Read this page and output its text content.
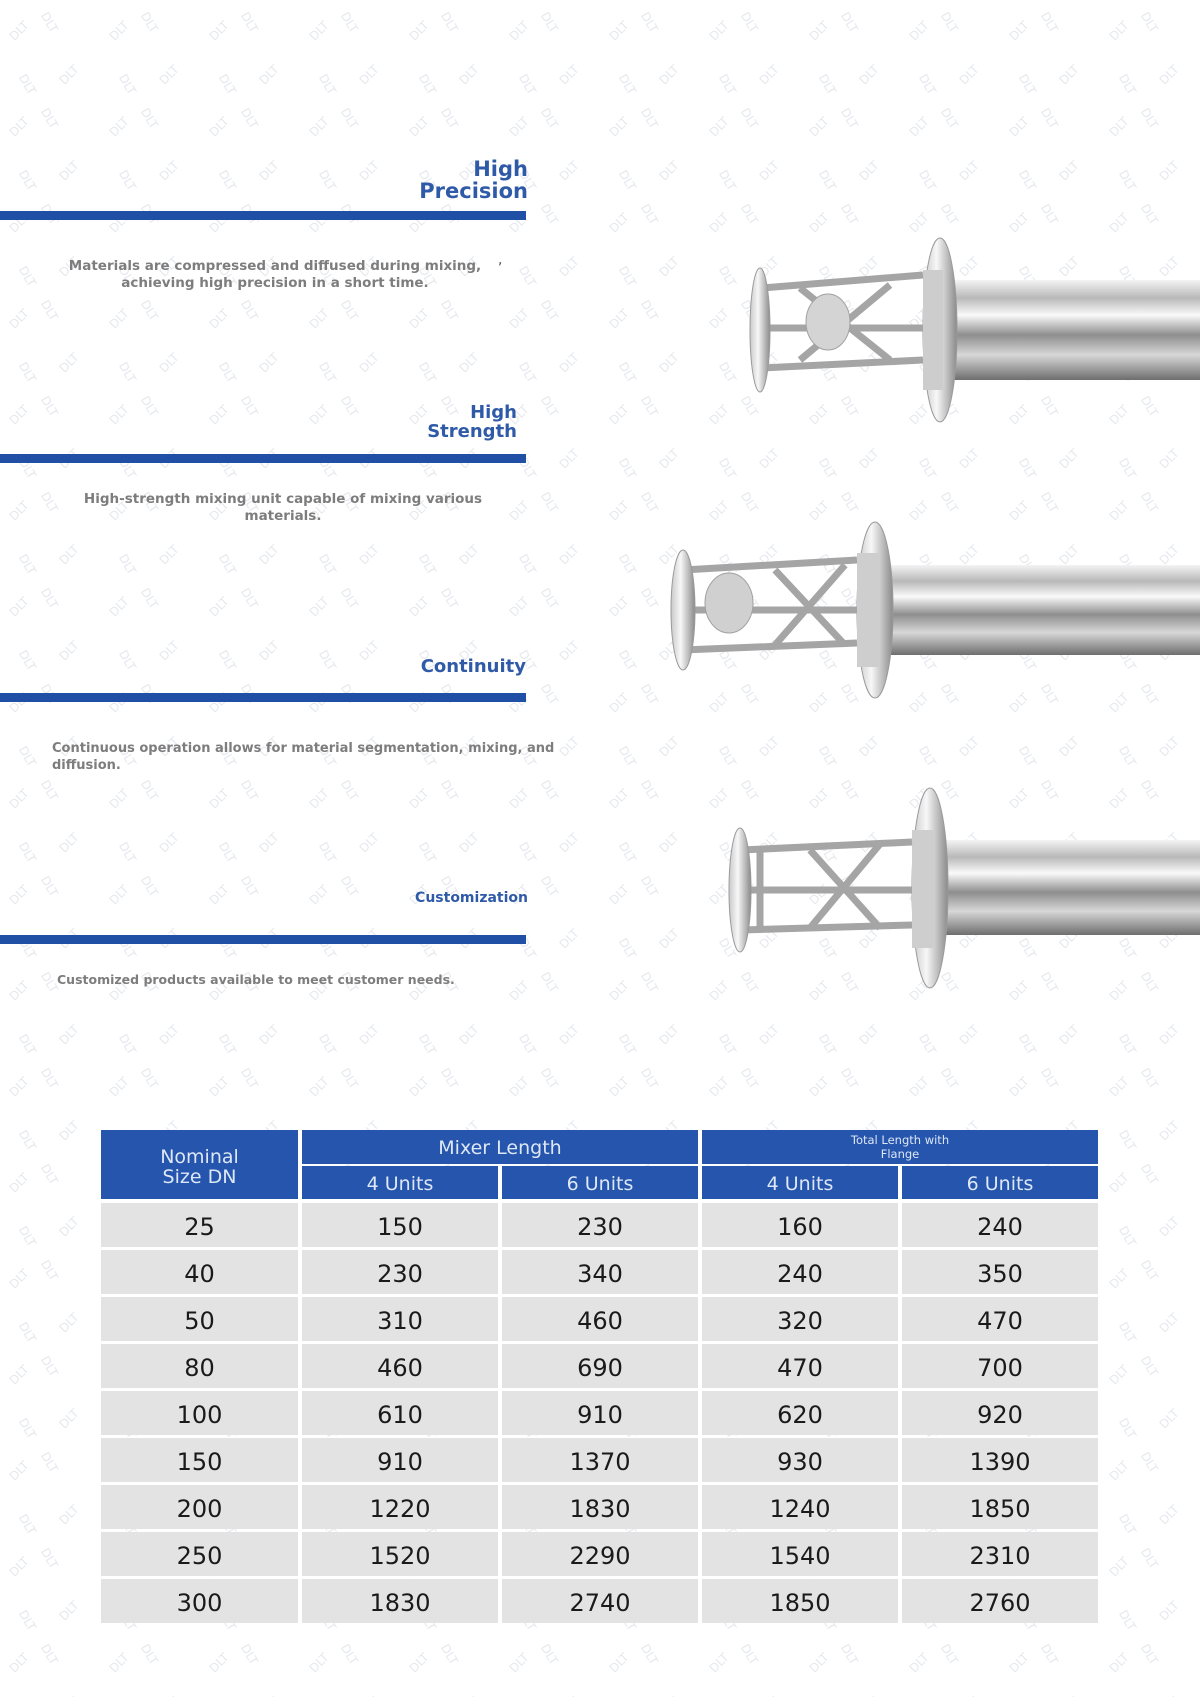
High
Precision
Materials are compressed and diffused during mixing,
achieving high precision in a short time.
,
High
Strength
High-strength mixing unit capable of mixing various
materials.
Continuity
Continuous operation allows for material segmentation, mixing, and diffusion.
Customization
Customized products available to meet customer needs.
Nominal
Size DN
Mixer Length	Total Length with
Flange
4 Units	6 Units	4 Units	6 Units
25	150	230	160	240
40	230	340	240	350
50	310	460	320	470
80	460	690	470	700
100	610	910	620	920
150	910	1370	930	1390
200	1220	1830	1240	1850
250	1520	2290	1540	2310
300	1830	2740	1850	2760
